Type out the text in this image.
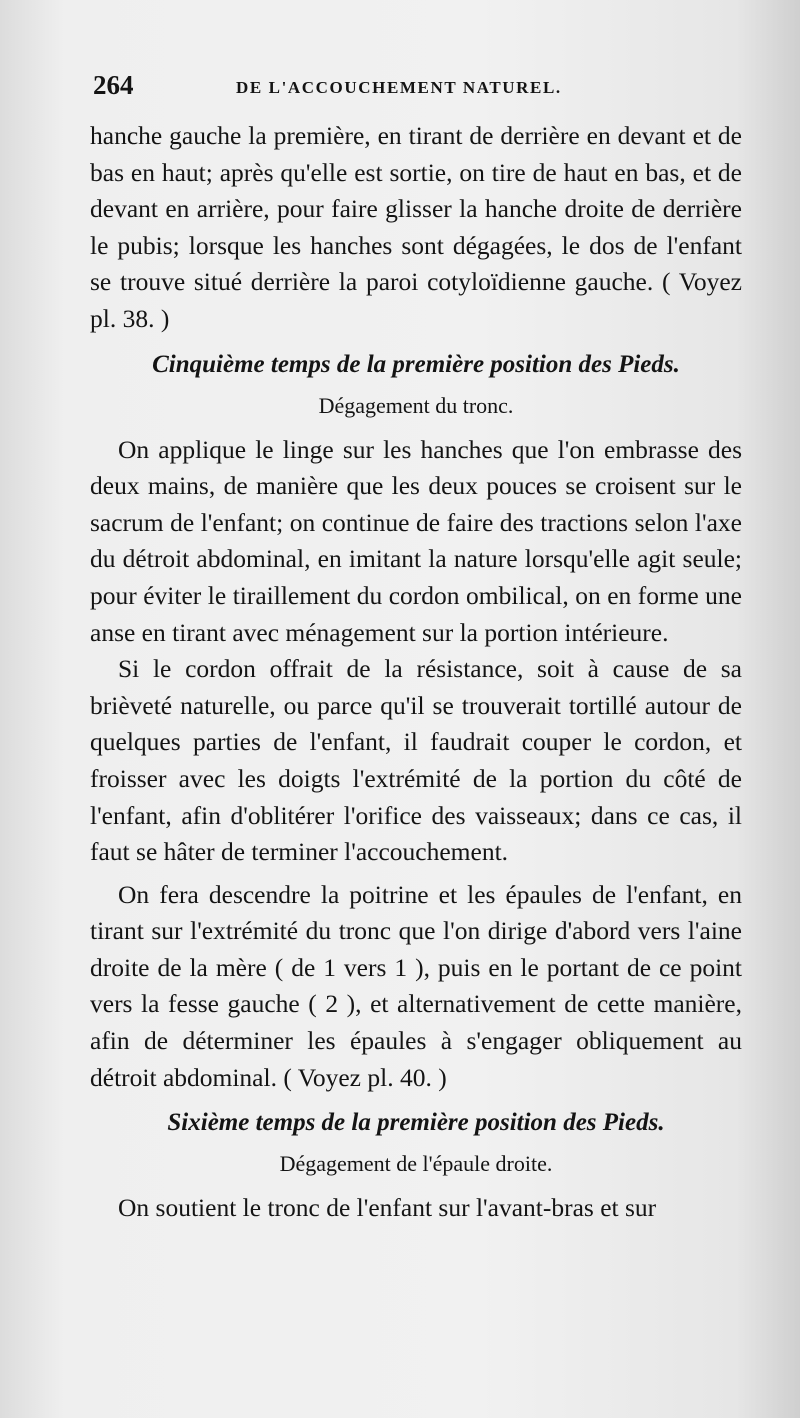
264	DE L'ACCOUCHEMENT NATUREL.

hanche gauche la première, en tirant de derrière en devant et de bas en haut; après qu'elle est sortie, on tire de haut en bas, et de devant en arrière, pour faire glisser la hanche droite de derrière le pubis; lorsque les hanches sont dégagées, le dos de l'enfant se trouve situé derrière la paroi cotyloïdienne gauche. ( Voyez pl. 38. )

Cinquième temps de la première position des Pieds.
Dégagement du tronc.

On applique le linge sur les hanches que l'on embrasse des deux mains, de manière que les deux pouces se croisent sur le sacrum de l'enfant; on continue de faire des tractions selon l'axe du détroit abdominal, en imitant la nature lorsqu'elle agit seule; pour éviter le tiraillement du cordon ombilical, on en forme une anse en tirant avec ménagement sur la portion intérieure.

Si le cordon offrait de la résistance, soit à cause de sa brièveté naturelle, ou parce qu'il se trouverait tortillé autour de quelques parties de l'enfant, il faudrait couper le cordon, et froisser avec les doigts l'extrémité de la portion du côté de l'enfant, afin d'oblitérer l'orifice des vaisseaux; dans ce cas, il faut se hâter de terminer l'accouchement.

On fera descendre la poitrine et les épaules de l'enfant, en tirant sur l'extrémité du tronc que l'on dirige d'abord vers l'aine droite de la mère ( de 1 vers 1 ), puis en le portant de ce point vers la fesse gauche ( 2 ), et alternativement de cette manière, afin de déterminer les épaules à s'engager obliquement au détroit abdominal. ( Voyez pl. 40. )

Sixième temps de la première position des Pieds.
Dégagement de l'épaule droite.

On soutient le tronc de l'enfant sur l'avant-bras et sur
